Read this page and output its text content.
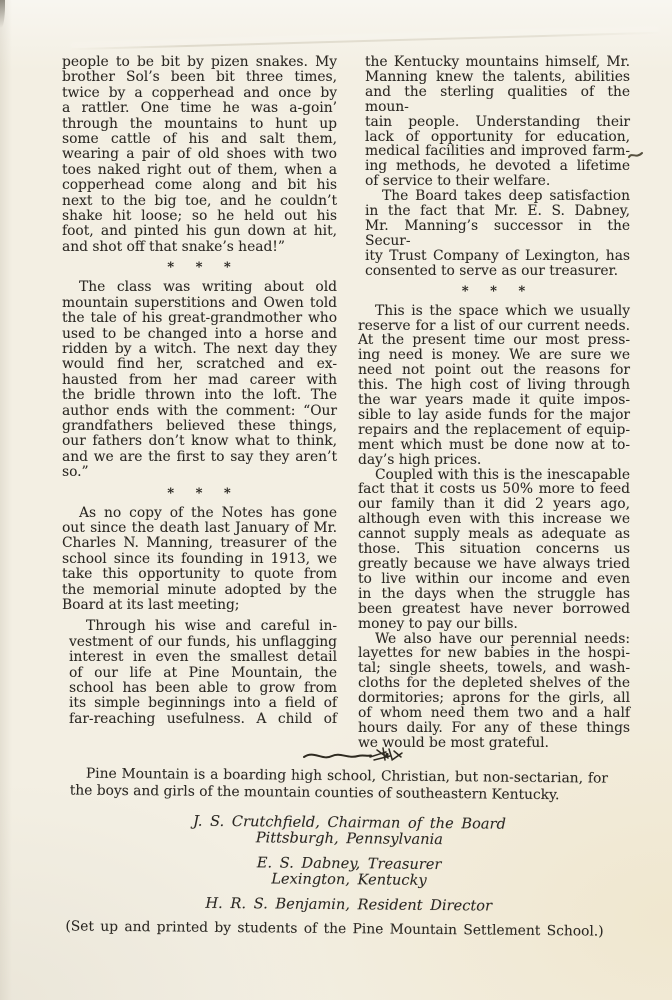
people to be bit by pizen snakes. My
brother Sol’s been bit three times,
twice by a copperhead and once by
a rattler. One time he was a-goin’
through the mountains to hunt up
some cattle of his and salt them,
wearing a pair of old shoes with two
toes naked right out of them, when a
copperhead come along and bit his
next to the big toe, and he couldn’t
shake hit loose; so he held out his
foot, and pinted his gun down at hit,
and shot off that snake’s head!”
* * *
The class was writing about old
mountain superstitions and Owen told
the tale of his great-grandmother who
used to be changed into a horse and
ridden by a witch. The next day they
would find her, scratched and ex-
hausted from her mad career with
the bridle thrown into the loft. The
author ends with the comment: “Our
grandfathers believed these things,
our fathers don’t know what to think,
and we are the first to say they aren’t
so.”
* * *
As no copy of the Notes has gone
out since the death last January of Mr.
Charles N. Manning, treasurer of the
school since its founding in 1913, we
take this opportunity to quote from
the memorial minute adopted by the
Board at its last meeting;
Through his wise and careful in-
vestment of our funds, his unflagging
interest in even the smallest detail
of our life at Pine Mountain, the
school has been able to grow from
its simple beginnings into a field of
far-reaching usefulness. A child of
the Kentucky mountains himself, Mr.
Manning knew the talents, abilities
and the sterling qualities of the moun-
tain people. Understanding their
lack of opportunity for education,
medical facilities and improved farm-
ing methods, he devoted a lifetime
of service to their welfare.
The Board takes deep satisfaction
in the fact that Mr. E. S. Dabney,
Mr. Manning’s successor in the Secur-
ity Trust Company of Lexington, has
consented to serve as our treasurer.
* * *
This is the space which we usually
reserve for a list of our current needs.
At the present time our most press-
ing need is money. We are sure we
need not point out the reasons for
this. The high cost of living through
the war years made it quite impos-
sible to lay aside funds for the major
repairs and the replacement of equip-
ment which must be done now at to-
day’s high prices.
Coupled with this is the inescapable
fact that it costs us 50% more to feed
our family than it did 2 years ago,
although even with this increase we
cannot supply meals as adequate as
those. This situation concerns us
greatly because we have always tried
to live within our income and even
in the days when the struggle has
been greatest have never borrowed
money to pay our bills.
We also have our perennial needs:
layettes for new babies in the hospi-
tal; single sheets, towels, and wash-
cloths for the depleted shelves of the
dormitories; aprons for the girls, all
of whom need them two and a half
hours daily. For any of these things
we would be most grateful.
Pine Mountain is a boarding high school, Christian, but non-sectarian, for
the boys and girls of the mountain counties of southeastern Kentucky.
J. S. Crutchfield, Chairman of the Board
Pittsburgh, Pennsylvania
E. S. Dabney, Treasurer
Lexington, Kentucky
H. R. S. Benjamin, Resident Director
(Set up and printed by students of the Pine Mountain Settlement School.)
